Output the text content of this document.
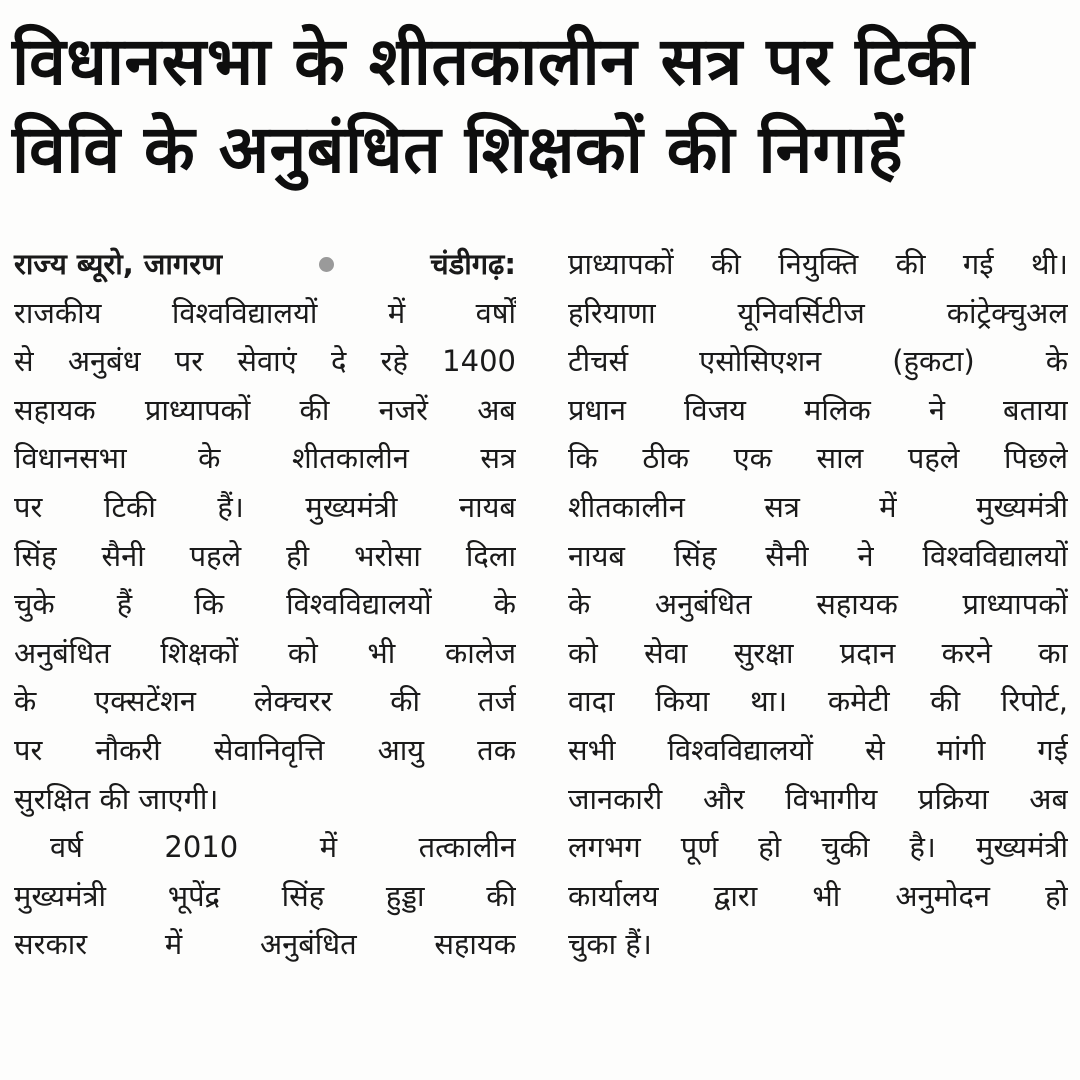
विधानसभा के शीतकालीन सत्र पर टिकी
विवि के अनुबंधित शिक्षकों की निगाहें
राज्य ब्यूरो, जागरण	चंडीगढ़:
राजकीय विश्वविद्यालयों में वर्षों
से अनुबंध पर सेवाएं दे रहे 1400
सहायक प्राध्यापकों की नजरें अब
विधानसभा के शीतकालीन सत्र
पर टिकी हैं। मुख्यमंत्री नायब
सिंह सैनी पहले ही भरोसा दिला
चुके हैं कि विश्वविद्यालयों के
अनुबंधित शिक्षकों को भी कालेज
के एक्सटेंशन लेक्चरर की तर्ज
पर नौकरी सेवानिवृत्ति आयु तक
सुरक्षित की जाएगी।
वर्ष 2010 में तत्कालीन
मुख्यमंत्री भूपेंद्र सिंह हुड्डा की
सरकार में अनुबंधित सहायक
प्राध्यापकों की नियुक्ति की गई थी।
हरियाणा यूनिवर्सिटीज कांट्रेक्चुअल
टीचर्स एसोसिएशन (हुकटा) के
प्रधान विजय मलिक ने बताया
कि ठीक एक साल पहले पिछले
शीतकालीन सत्र में मुख्यमंत्री
नायब सिंह सैनी ने विश्वविद्यालयों
के अनुबंधित सहायक प्राध्यापकों
को सेवा सुरक्षा प्रदान करने का
वादा किया था। कमेटी की रिपोर्ट,
सभी विश्वविद्यालयों से मांगी गई
जानकारी और विभागीय प्रक्रिया अब
लगभग पूर्ण हो चुकी है। मुख्यमंत्री
कार्यालय द्वारा भी अनुमोदन हो
चुका हैं।
